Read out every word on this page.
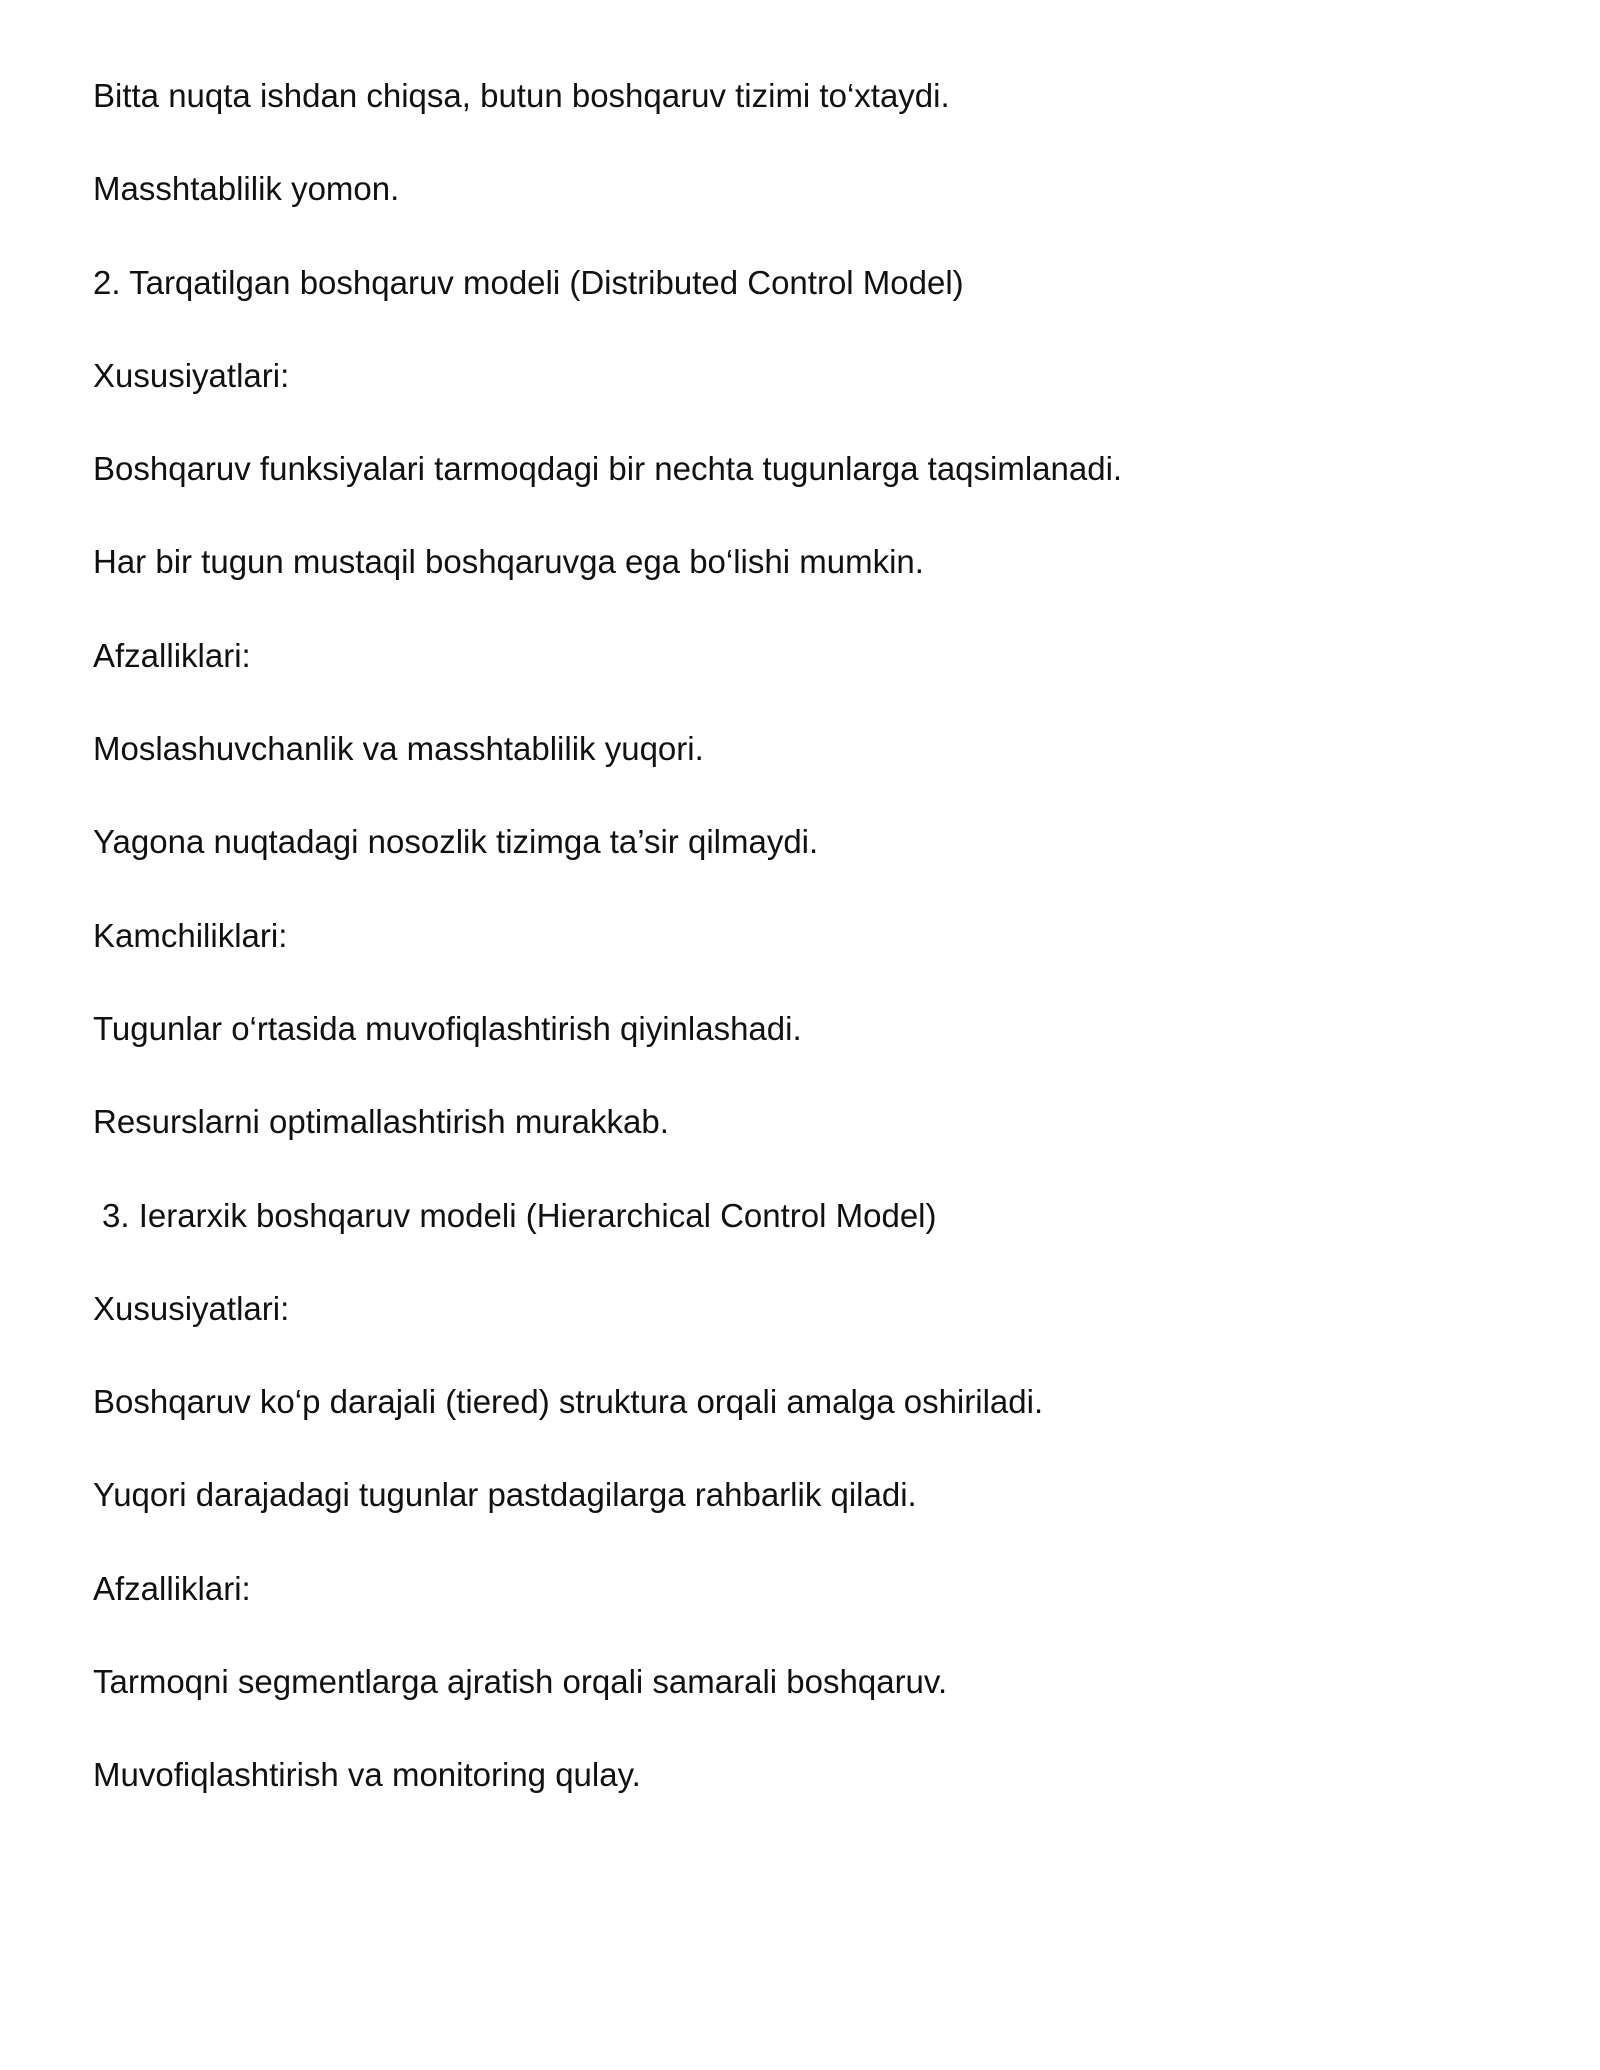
Bitta nuqta ishdan chiqsa, butun boshqaruv tizimi to‘xtaydi.
Masshtablilik yomon.
2. Tarqatilgan boshqaruv modeli (Distributed Control Model)
Xususiyatlari:
Boshqaruv funksiyalari tarmoqdagi bir nechta tugunlarga taqsimlanadi.
Har bir tugun mustaqil boshqaruvga ega bo‘lishi mumkin.
Afzalliklari:
Moslashuvchanlik va masshtablilik yuqori.
Yagona nuqtadagi nosozlik tizimga ta’sir qilmaydi.
Kamchiliklari:
Tugunlar o‘rtasida muvofiqlashtirish qiyinlashadi.
Resurslarni optimallashtirish murakkab.
3. Ierarxik boshqaruv modeli (Hierarchical Control Model)
Xususiyatlari:
Boshqaruv ko‘p darajali (tiered) struktura orqali amalga oshiriladi.
Yuqori darajadagi tugunlar pastdagilarga rahbarlik qiladi.
Afzalliklari:
Tarmoqni segmentlarga ajratish orqali samarali boshqaruv.
Muvofiqlashtirish va monitoring qulay.
